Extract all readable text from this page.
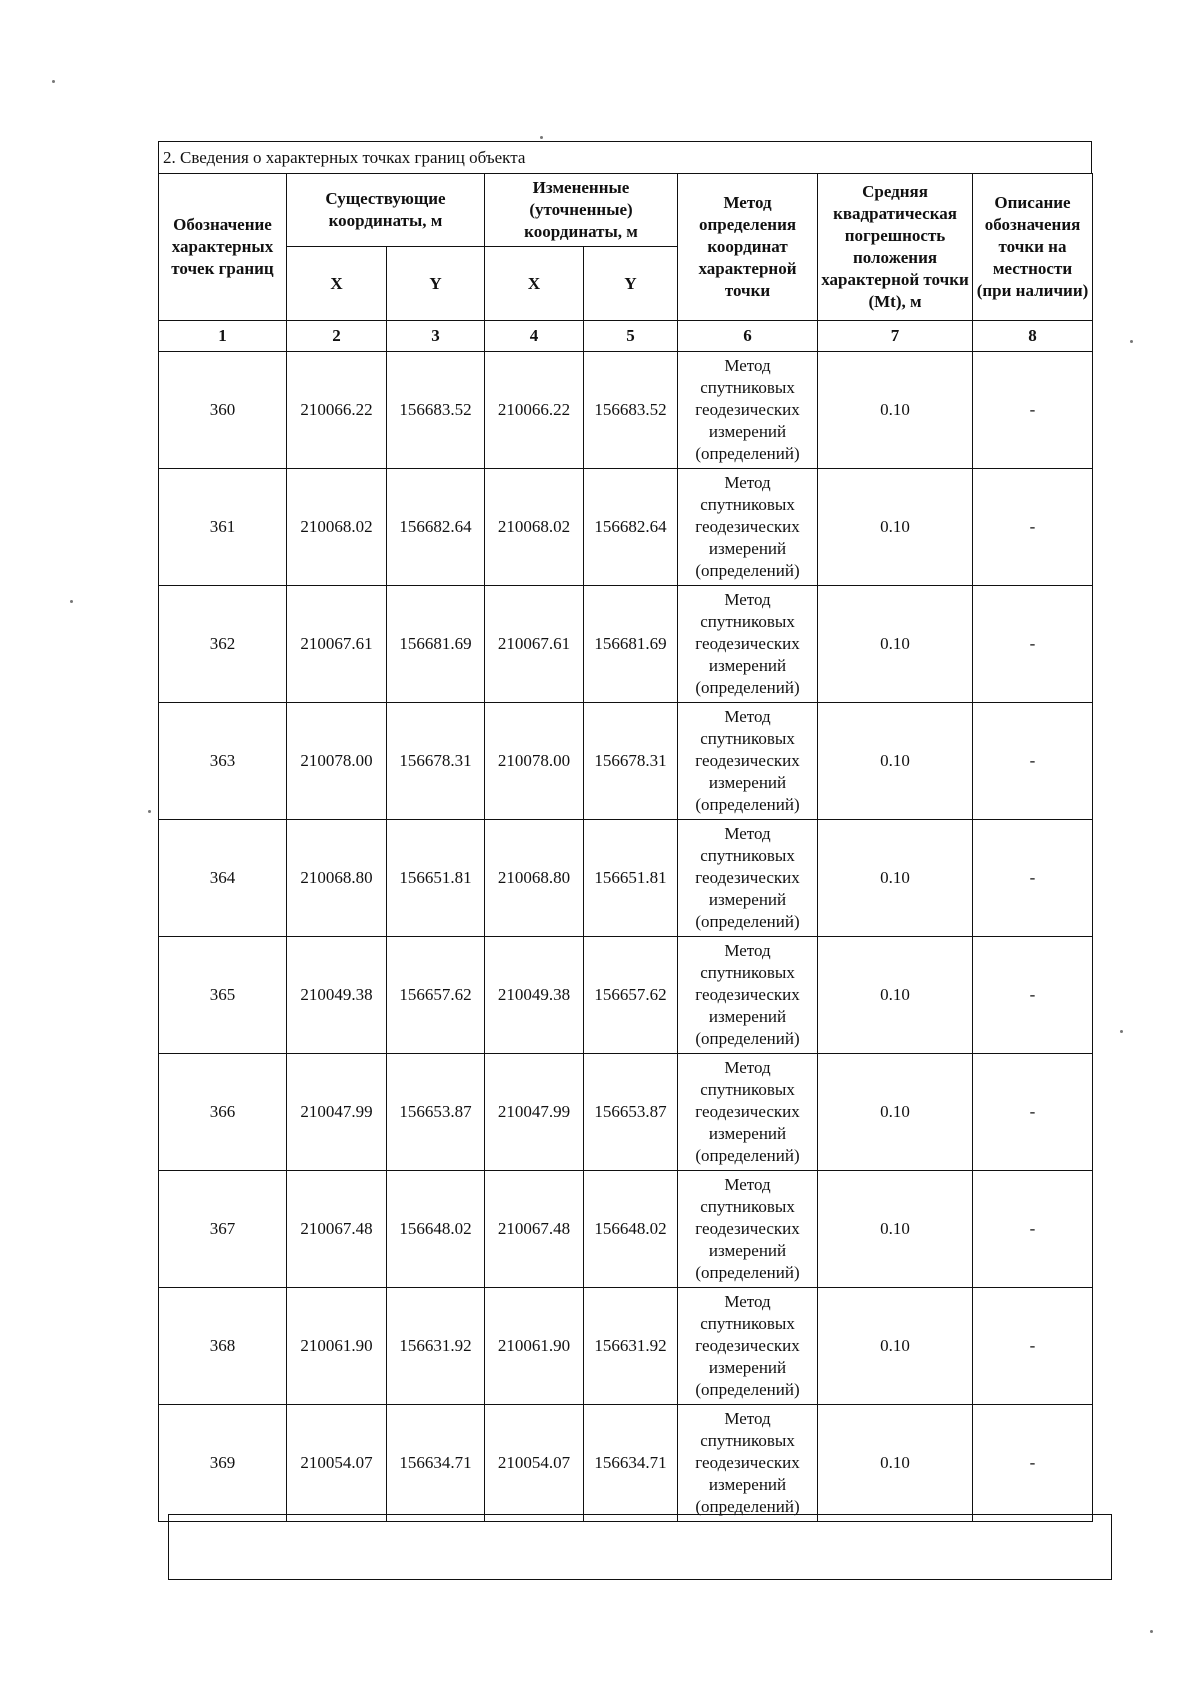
2. Сведения о характерных точках границ объекта
Обозначение характерных точек границ	Существующие координаты, м		Измененные (уточненные) координаты, м		Метод определения координат характерной точки	Средняя квадратическая погрешность положения характерной точки (Mt), м	Описание обозначения точки на местности (при наличии)
	X	Y	X	Y			
1	2	3	4	5	6	7	8
360	210066.22	156683.52	210066.22	156683.52	Метод спутниковых геодезических измерений (определений)	0.10	-
361	210068.02	156682.64	210068.02	156682.64	Метод спутниковых геодезических измерений (определений)	0.10	-
362	210067.61	156681.69	210067.61	156681.69	Метод спутниковых геодезических измерений (определений)	0.10	-
363	210078.00	156678.31	210078.00	156678.31	Метод спутниковых геодезических измерений (определений)	0.10	-
364	210068.80	156651.81	210068.80	156651.81	Метод спутниковых геодезических измерений (определений)	0.10	-
365	210049.38	156657.62	210049.38	156657.62	Метод спутниковых геодезических измерений (определений)	0.10	-
366	210047.99	156653.87	210047.99	156653.87	Метод спутниковых геодезических измерений (определений)	0.10	-
367	210067.48	156648.02	210067.48	156648.02	Метод спутниковых геодезических измерений (определений)	0.10	-
368	210061.90	156631.92	210061.90	156631.92	Метод спутниковых геодезических измерений (определений)	0.10	-
369	210054.07	156634.71	210054.07	156634.71	Метод спутниковых геодезических измерений (определений)	0.10	-
